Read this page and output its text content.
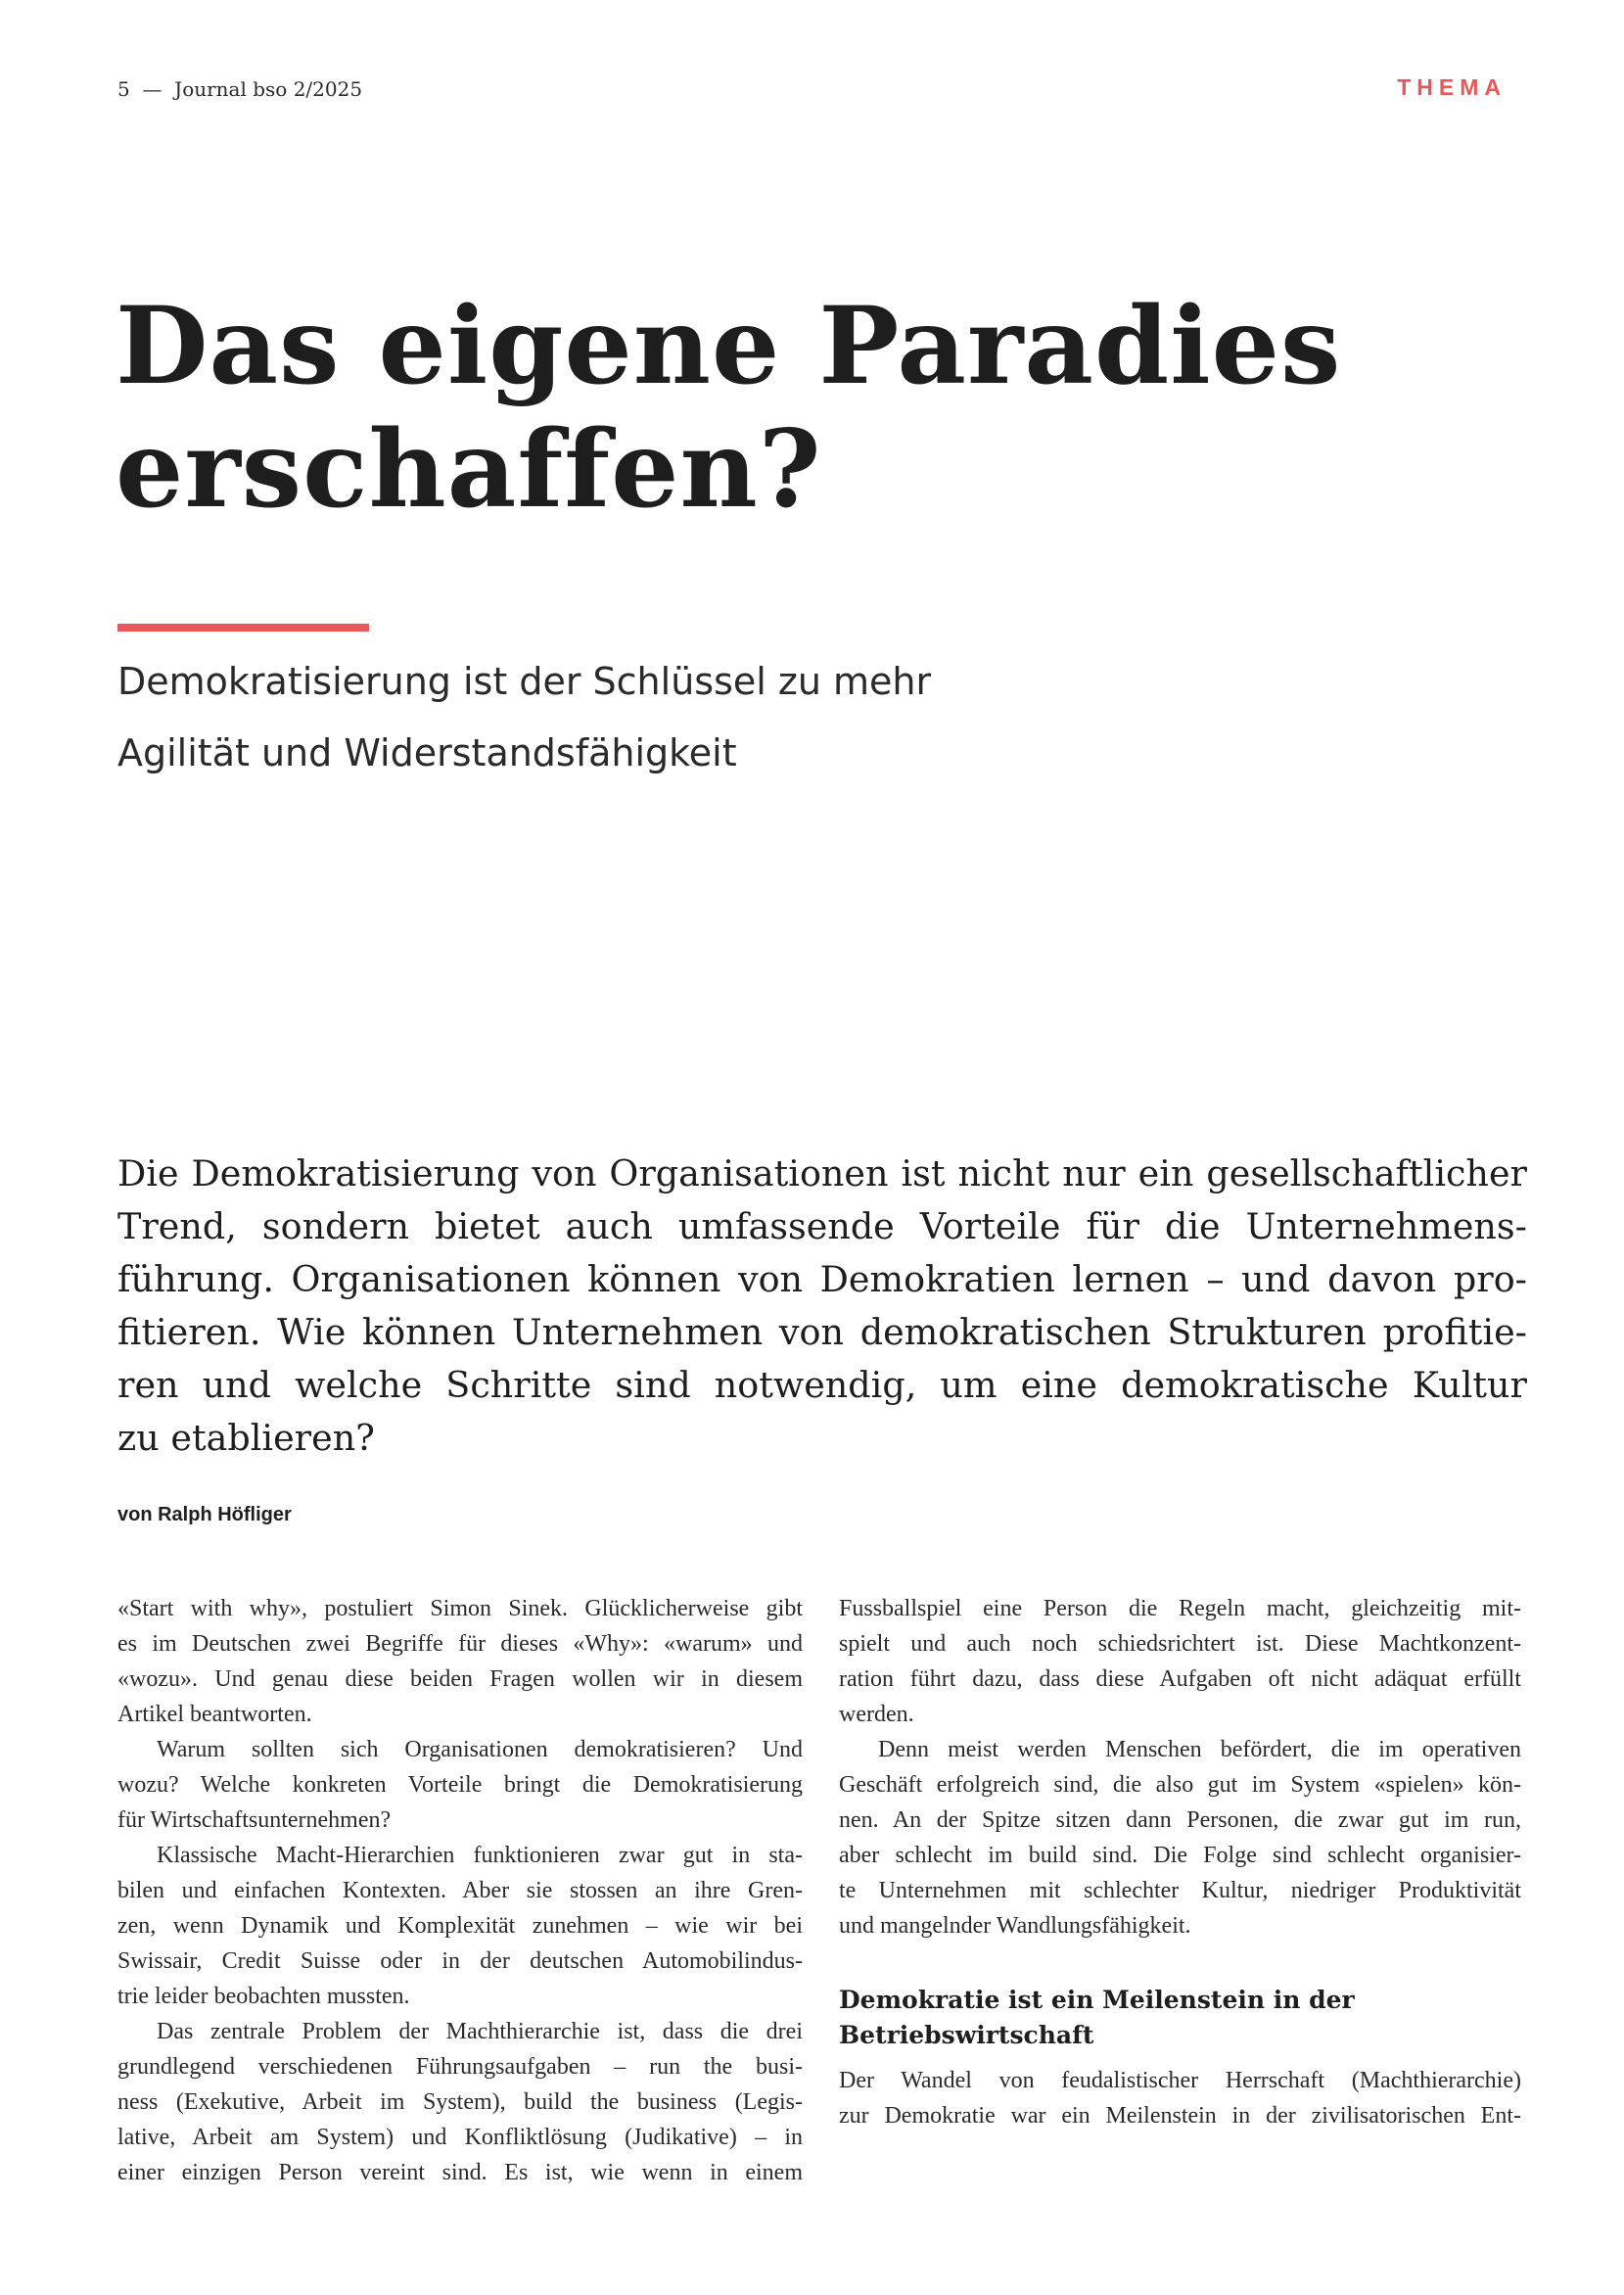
5 — Journal bso 2/2025	THEMA
Das eigene Paradies
erschaffen?
Demokratisierung ist der Schlüssel zu mehr
Agilität und Widerstandsfähigkeit
Die Demokratisierung von Organisationen ist nicht nur ein gesellschaftlicher
Trend, sondern bietet auch umfassende Vorteile für die Unternehmens-
führung. Organisationen können von Demokratien lernen – und davon pro-
fitieren. Wie können Unternehmen von demokratischen Strukturen profitie-
ren und welche Schritte sind notwendig, um eine demokratische Kultur
zu etablieren?
von Ralph Höfliger
«Start with why», postuliert Simon Sinek. Glücklicherweise gibt
es im Deutschen zwei Begriffe für dieses «Why»: «warum» und
«wozu». Und genau diese beiden Fragen wollen wir in diesem
Artikel beantworten.
Warum sollten sich Organisationen demokratisieren? Und
wozu? Welche konkreten Vorteile bringt die Demokratisierung
für Wirtschaftsunternehmen?
Klassische Macht-Hierarchien funktionieren zwar gut in sta-
bilen und einfachen Kontexten. Aber sie stossen an ihre Gren-
zen, wenn Dynamik und Komplexität zunehmen – wie wir bei
Swissair, Credit Suisse oder in der deutschen Automobilindus-
trie leider beobachten mussten.
Das zentrale Problem der Machthierarchie ist, dass die drei
grundlegend verschiedenen Führungsaufgaben – run the busi-
ness (Exekutive, Arbeit im System), build the business (Legis-
lative, Arbeit am System) und Konfliktlösung (Judikative) – in
einer einzigen Person vereint sind. Es ist, wie wenn in einem
Fussballspiel eine Person die Regeln macht, gleichzeitig mit-
spielt und auch noch schiedsrichtert ist. Diese Machtkonzent-
ration führt dazu, dass diese Aufgaben oft nicht adäquat erfüllt
werden.
Denn meist werden Menschen befördert, die im operativen
Geschäft erfolgreich sind, die also gut im System «spielen» kön-
nen. An der Spitze sitzen dann Personen, die zwar gut im run,
aber schlecht im build sind. Die Folge sind schlecht organisier-
te Unternehmen mit schlechter Kultur, niedriger Produktivität
und mangelnder Wandlungsfähigkeit.
Demokratie ist ein Meilenstein in der
Betriebswirtschaft
Der Wandel von feudalistischer Herrschaft (Machthierarchie)
zur Demokratie war ein Meilenstein in der zivilisatorischen Ent-
